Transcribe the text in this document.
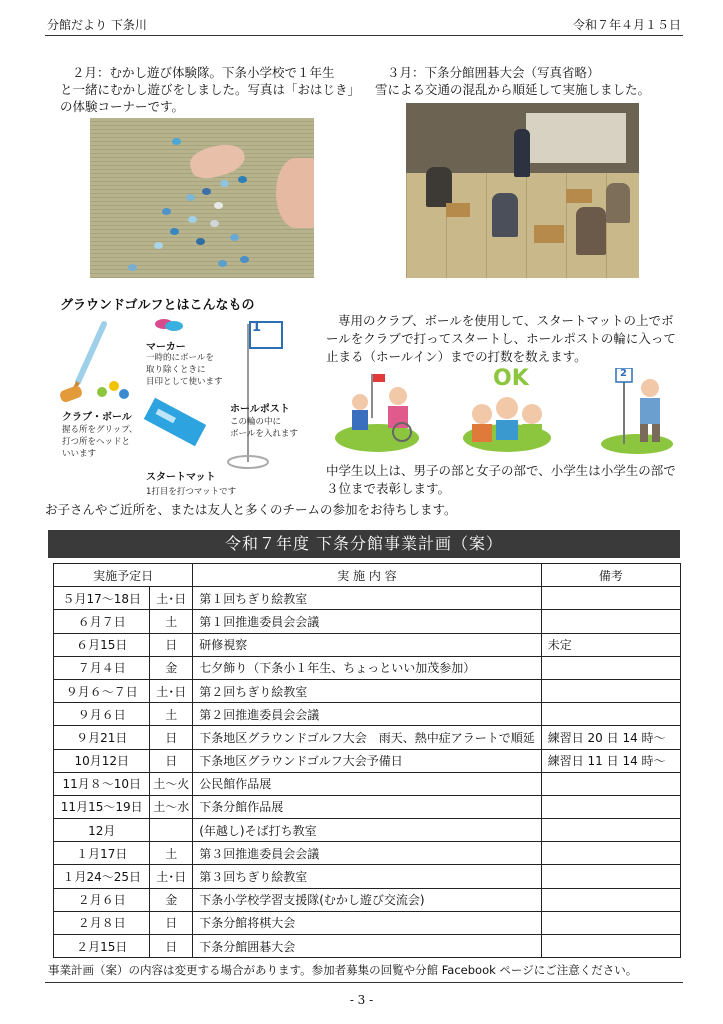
分館だより 下条川	令和７年４月１５日
２月：むかし遊び体験隊。下条小学校で１年生
と一緒にむかし遊びをしました。写真は「おはじき」
の体験コーナーです。
３月：下条分館囲碁大会（写真省略）
雪による交通の混乱から順延して実施しました。
グラウンドゴルフとはこんなもの
1
マーカー
一時的にボールを
取り除くときに
目印として使います
クラブ・ボール
握る所をグリップ、
打つ所をヘッドと
いいます
ホールポスト
この輪の中に
ボールを入れます
スタートマット
1打目を打つマットです
専用のクラブ、ボールを使用して、スタートマットの上でボ
ールをクラブで打ってスタートし、ホールポストの輪に入って
止まる（ホールイン）までの打数を数えます。
OK	2
中学生以上は、男子の部と女子の部で、小学生は小学生の部で
３位まで表彰します。
お子さんやご近所を、または友人と多くのチームの参加をお待ちします。
令和７年度 下条分館事業計画（案）
実施予定日		実 施 内 容	備考
５月17〜18日	土･日	第１回ちぎり絵教室	
６月７日	土	第１回推進委員会会議	
６月15日	日	研修視察	未定
７月４日	金	七夕飾り（下条小１年生、ちょっといい加茂参加）	
９月６〜７日	土･日	第２回ちぎり絵教室	
９月６日	土	第２回推進委員会会議	
９月21日	日	下条地区グラウンドゴルフ大会　雨天、熱中症アラートで順延	練習日 20 日 14 時〜
10月12日	日	下条地区グラウンドゴルフ大会予備日	練習日 11 日 14 時〜
11月８〜10日	土〜火	公民館作品展	
11月15〜19日	土〜水	下条分館作品展	
12月		(年越し)そば打ち教室	
１月17日	土	第３回推進委員会会議	
１月24〜25日	土･日	第３回ちぎり絵教室	
２月６日	金	下条小学校学習支援隊(むかし遊び交流会)	
２月８日	日	下条分館将棋大会	
２月15日	日	下条分館囲碁大会	
事業計画（案）の内容は変更する場合があります。参加者募集の回覧や分館 Facebook ページにご注意ください。
- 3 -
